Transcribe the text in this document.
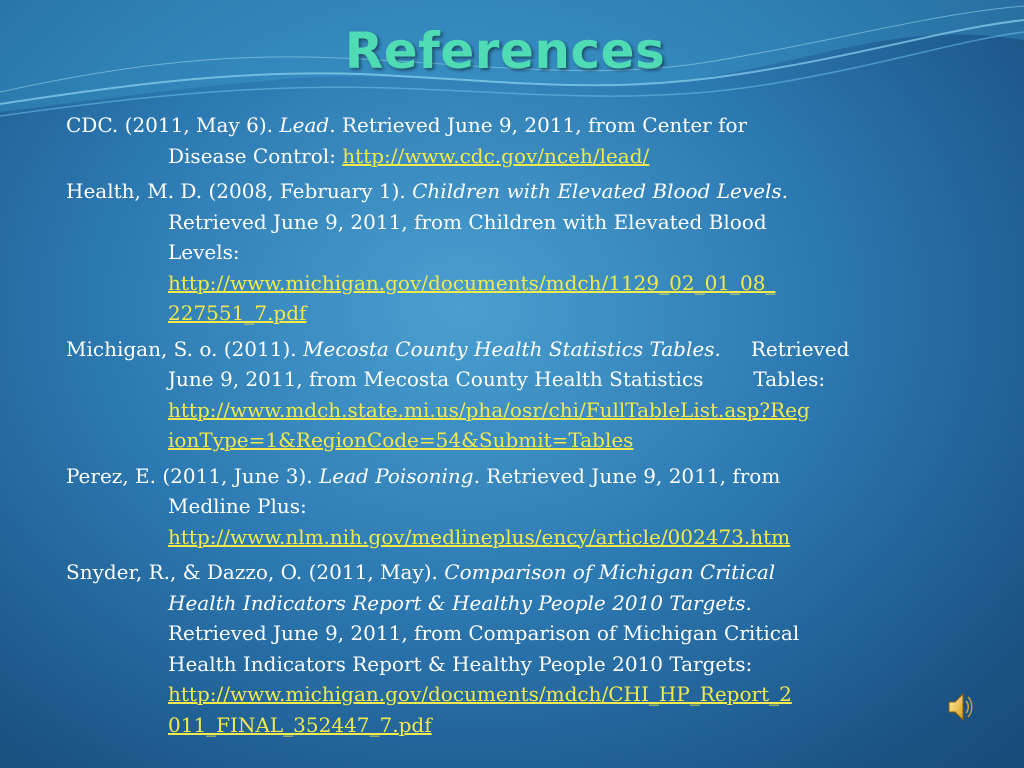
References
CDC. (2011, May 6). Lead. Retrieved June 9, 2011, from Center for
Disease Control: http://www.cdc.gov/nceh/lead/
Health, M. D. (2008, February 1). Children with Elevated Blood Levels.
Retrieved June 9, 2011, from Children with Elevated Blood
Levels:
http://www.michigan.gov/documents/mdch/1129_02_01_08_
227551_7.pdf
Michigan, S. o. (2011). Mecosta County Health Statistics Tables. Retrieved
June 9, 2011, from Mecosta County Health Statistics	Tables:
http://www.mdch.state.mi.us/pha/osr/chi/FullTableList.asp?Reg
ionType=1&RegionCode=54&Submit=Tables
Perez, E. (2011, June 3). Lead Poisoning. Retrieved June 9, 2011, from
Medline Plus:
http://www.nlm.nih.gov/medlineplus/ency/article/002473.htm
Snyder, R., & Dazzo, O. (2011, May). Comparison of Michigan Critical
Health Indicators Report & Healthy People 2010 Targets.
Retrieved June 9, 2011, from Comparison of Michigan Critical
Health Indicators Report & Healthy People 2010 Targets:
http://www.michigan.gov/documents/mdch/CHI_HP_Report_2
011_FINAL_352447_7.pdf
